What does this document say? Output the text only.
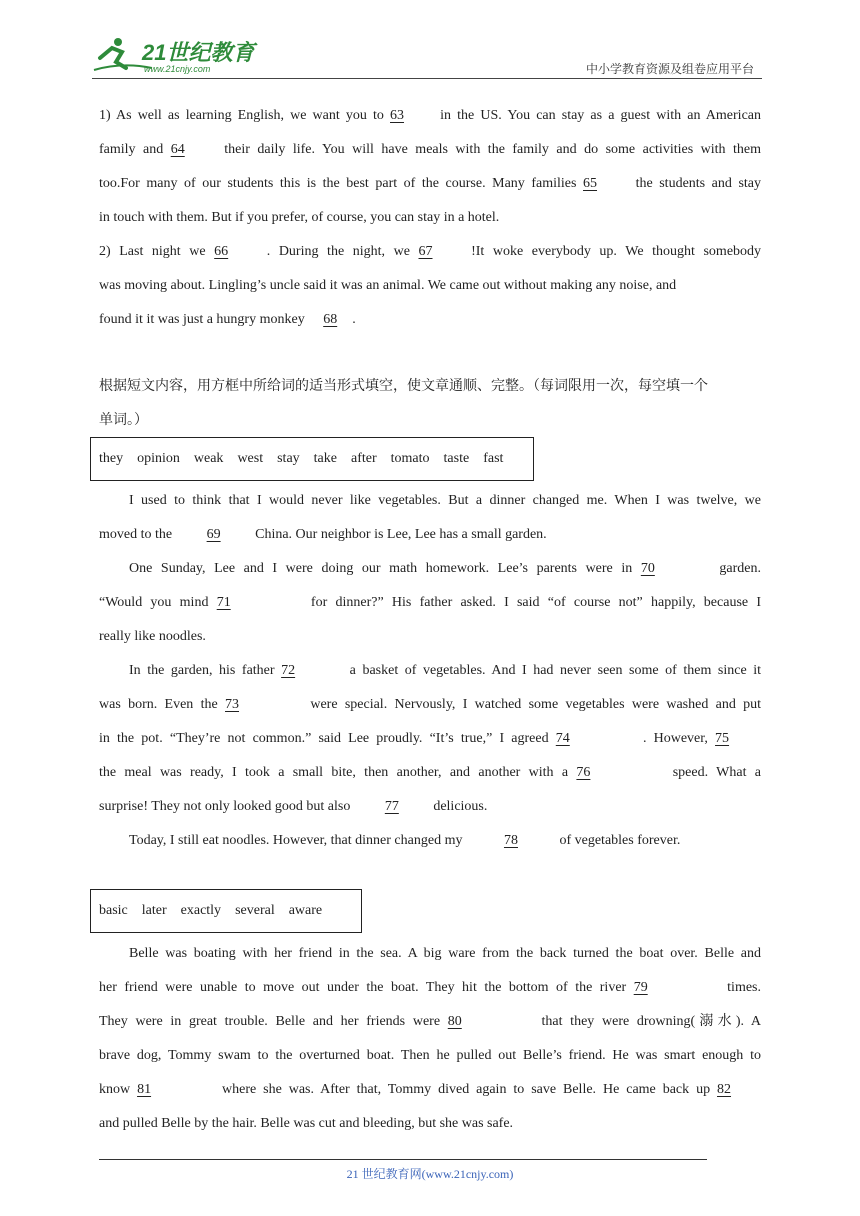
21世纪教育
www.21cnjy.com	中小学教育资源及组卷应用平台
1) As well as learning English, we want you to 63	in the US. You can stay as a guest with an American
family and 64	their daily life. You will have meals with the family and do some activities with them
too.For many of our students this is the best part of the course. Many families 65	the students and stay
in touch with them. But if you prefer, of course, you can stay in a hotel.
2) Last night we 66	. During the night, we 67	!It woke everybody up. We thought somebody
was moving about. Lingling’s uncle said it was an animal. We came out without making any noise, and
found it it was just a hungry monkey 68 .
根据短文内容，用方框中所给词的适当形式填空，使文章通顺、完整。（每词限用一次，每空填一个
单词。）
they opinion weak west stay take after tomato taste fast
I used to think that I would never like vegetables. But a dinner changed me. When I was twelve, we
moved to the 69 China. Our neighbor is Lee, Lee has a small garden.
One Sunday, Lee and I were doing our math homework. Lee’s parents were in 70	garden.
“Would you mind 71	for dinner?” His father asked. I said “of course not” happily, because I
really like noodles.
In the garden, his father 72	a basket of vegetables. And I had never seen some of them since it
was born. Even the 73	were special. Nervously, I watched some vegetables were washed and put
in the pot. “They’re not common.” said Lee proudly. “It’s true,” I agreed 74	. However, 75
the meal was ready, I took a small bite, then another, and another with a 76	speed. What a
surprise! They not only looked good but also 77 delicious.
Today, I still eat noodles. However, that dinner changed my	78	of vegetables forever.
basic later exactly several aware
Belle was boating with her friend in the sea. A big ware from the back turned the boat over. Belle and
her friend were unable to move out under the boat. They hit the bottom of the river 79	times.
They were in great trouble. Belle and her friends were 80	that they were drowning(溺水). A
brave dog, Tommy swam to the overturned boat. Then he pulled out Belle’s friend. He was smart enough to
know 81	where she was. After that, Tommy dived again to save Belle. He came back up 82
and pulled Belle by the hair. Belle was cut and bleeding, but she was safe.
21 世纪教育网(www.21cnjy.com)
